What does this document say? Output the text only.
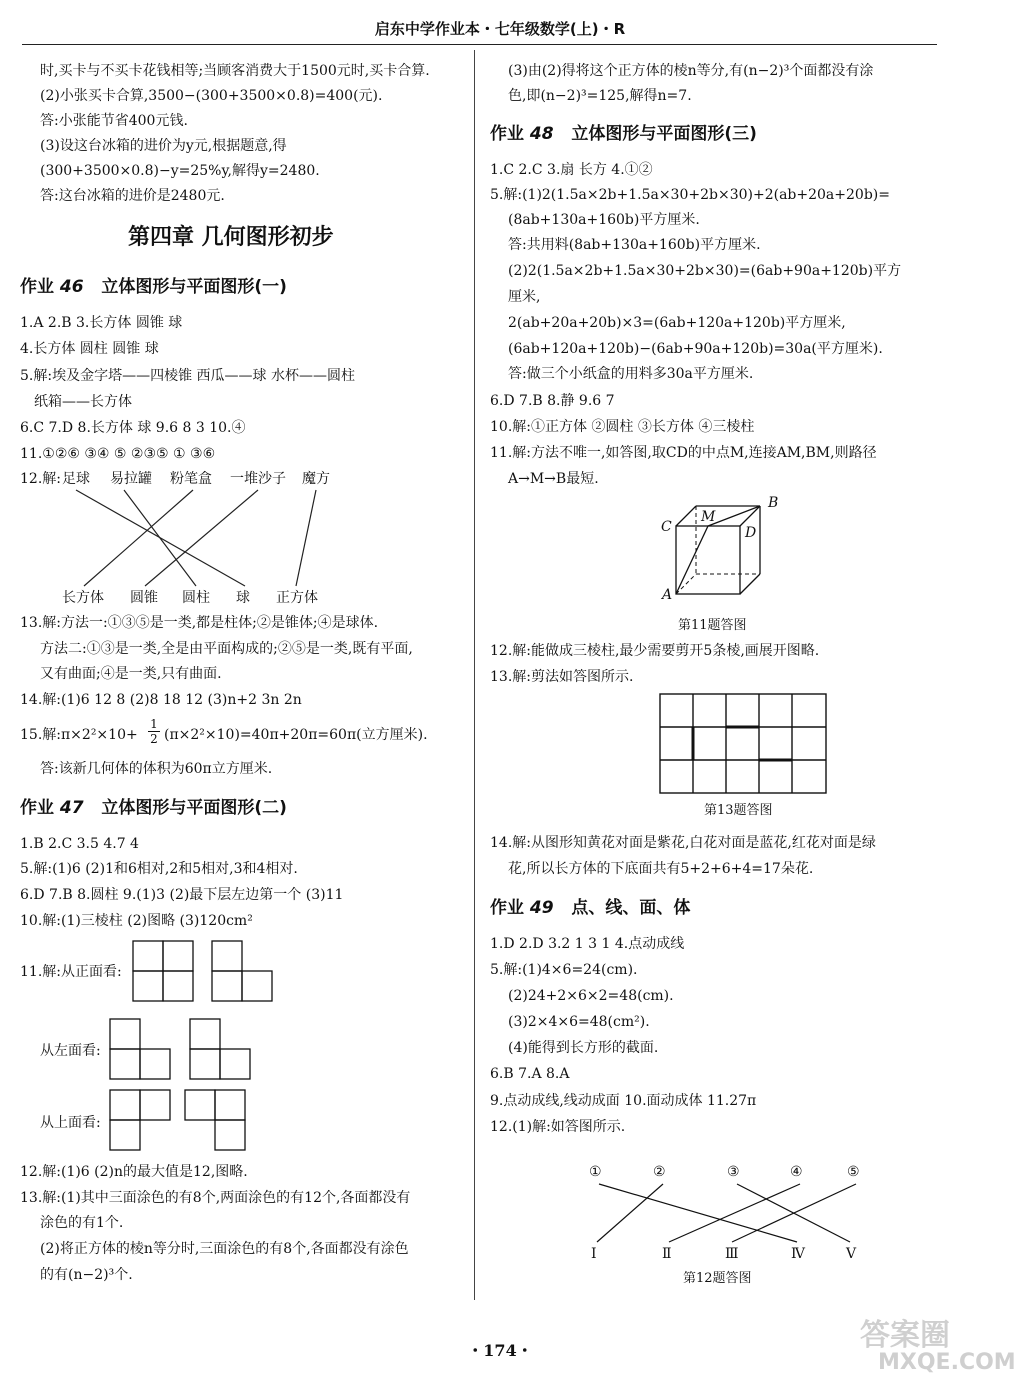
启东中学作业本・七年级数学(上)・R
时,买卡与不买卡花钱相等;当顾客消费大于1500元时,买卡合算.
(2)小张买卡合算,3500−(300+3500×0.8)=400(元).
答:小张能节省400元钱.
(3)设这台冰箱的进价为y元,根据题意,得
(300+3500×0.8)−y=25%y,解得y=2480.
答:这台冰箱的进价是2480元.
第四章 几何图形初步
作业 46 立体图形与平面图形(一)
1.A 2.B 3.长方体 圆锥 球
4.长方体 圆柱 圆锥 球
5.解:埃及金字塔——四棱锥 西瓜——球 水杯——圆柱
纸箱——长方体
6.C 7.D 8.长方体 球 9.6 8 3 10.④
11.①②⑥ ③④ ⑤ ②③⑤ ① ③⑥
12.解: 足球 易拉罐 粉笔盒 一堆沙子 魔方
长方体 圆锥 圆柱 球 正方体
13.解:方法一:①③⑤是一类,都是柱体;②是锥体;④是球体.
方法二:①③是一类,全是由平面构成的;②⑤是一类,既有平面,
又有曲面;④是一类,只有曲面.
14.解:(1)6 12 8 (2)8 18 12 (3)n+2 3n 2n
15.解:π×2²×10+ $\frac{1}{2} (\pi\times 2^2\times 10)=40\pi+20\pi=60\pi$(立方厘米).
答:该新几何体的体积为60π立方厘米.
作业 47 立体图形与平面图形(二)
1.B 2.C 3.5 4.7 4
5.解:(1)6 (2)1和6相对,2和5相对,3和4相对.
6.D 7.B 8.圆柱 9.(1)3 (2)最下层左边第一个 (3)11
10.解:(1)三棱柱 (2)图略 (3)120cm²
11.解:从正面看:
从左面看:
从上面看:
12.解:(1)6 (2)n的最大值是12,图略.
13.解:(1)其中三面涂色的有8个,两面涂色的有12个,各面都没有
涂色的有1个.
(2)将正方体的棱n等分时,三面涂色的有8个,各面都没有涂色
的有(n−2)³个.
(3)由(2)得将这个正方体的棱n等分,有(n−2)³个面都没有涂
色,即(n−2)³=125,解得n=7.
作业 48 立体图形与平面图形(三)
1.C 2.C 3.扇 长方 4.①②
5.解:(1)2(1.5a×2b+1.5a×30+2b×30)+2(ab+20a+20b)=
(8ab+130a+160b)平方厘米.
答:共用料(8ab+130a+160b)平方厘米.
(2)2(1.5a×2b+1.5a×30+2b×30)=(6ab+90a+120b)平方
厘米,
2(ab+20a+20b)×3=(6ab+120a+120b)平方厘米,
(6ab+120a+120b)−(6ab+90a+120b)=30a(平方厘米).
答:做三个小纸盒的用料多30a平方厘米.
6.D 7.B 8.静 9.6 7
10.解:①正方体 ②圆柱 ③长方体 ④三棱柱
11.解:方法不唯一,如答图,取CD的中点M,连接AM,BM,则路径
A→M→B最短.
B
C
M
D
A
第11题答图
12.解:能做成三棱柱,最少需要剪开5条棱,画展开图略.
13.解:剪法如答图所示.
第13题答图
14.解:从图形知黄花对面是紫花,白花对面是蓝花,红花对面是绿
花,所以长方体的下底面共有5+2+6+4=17朵花.
作业 49 点、线、面、体
1.D 2.D 3.2 1 3 1 4.点动成线
5.解:(1)4×6=24(cm).
(2)24+2×6×2=48(cm).
(3)2×4×6=48(cm²).
(4)能得到长方形的截面.
6.B 7.A 8.A
9.点动成线,线动成面 10.面动成体 11.27π
12.(1)解:如答图所示.
①	②	③	④	⑤
Ⅰ	Ⅱ	Ⅲ	Ⅳ	Ⅴ
第12题答图
・174・	答案圈
MXQE.COM
